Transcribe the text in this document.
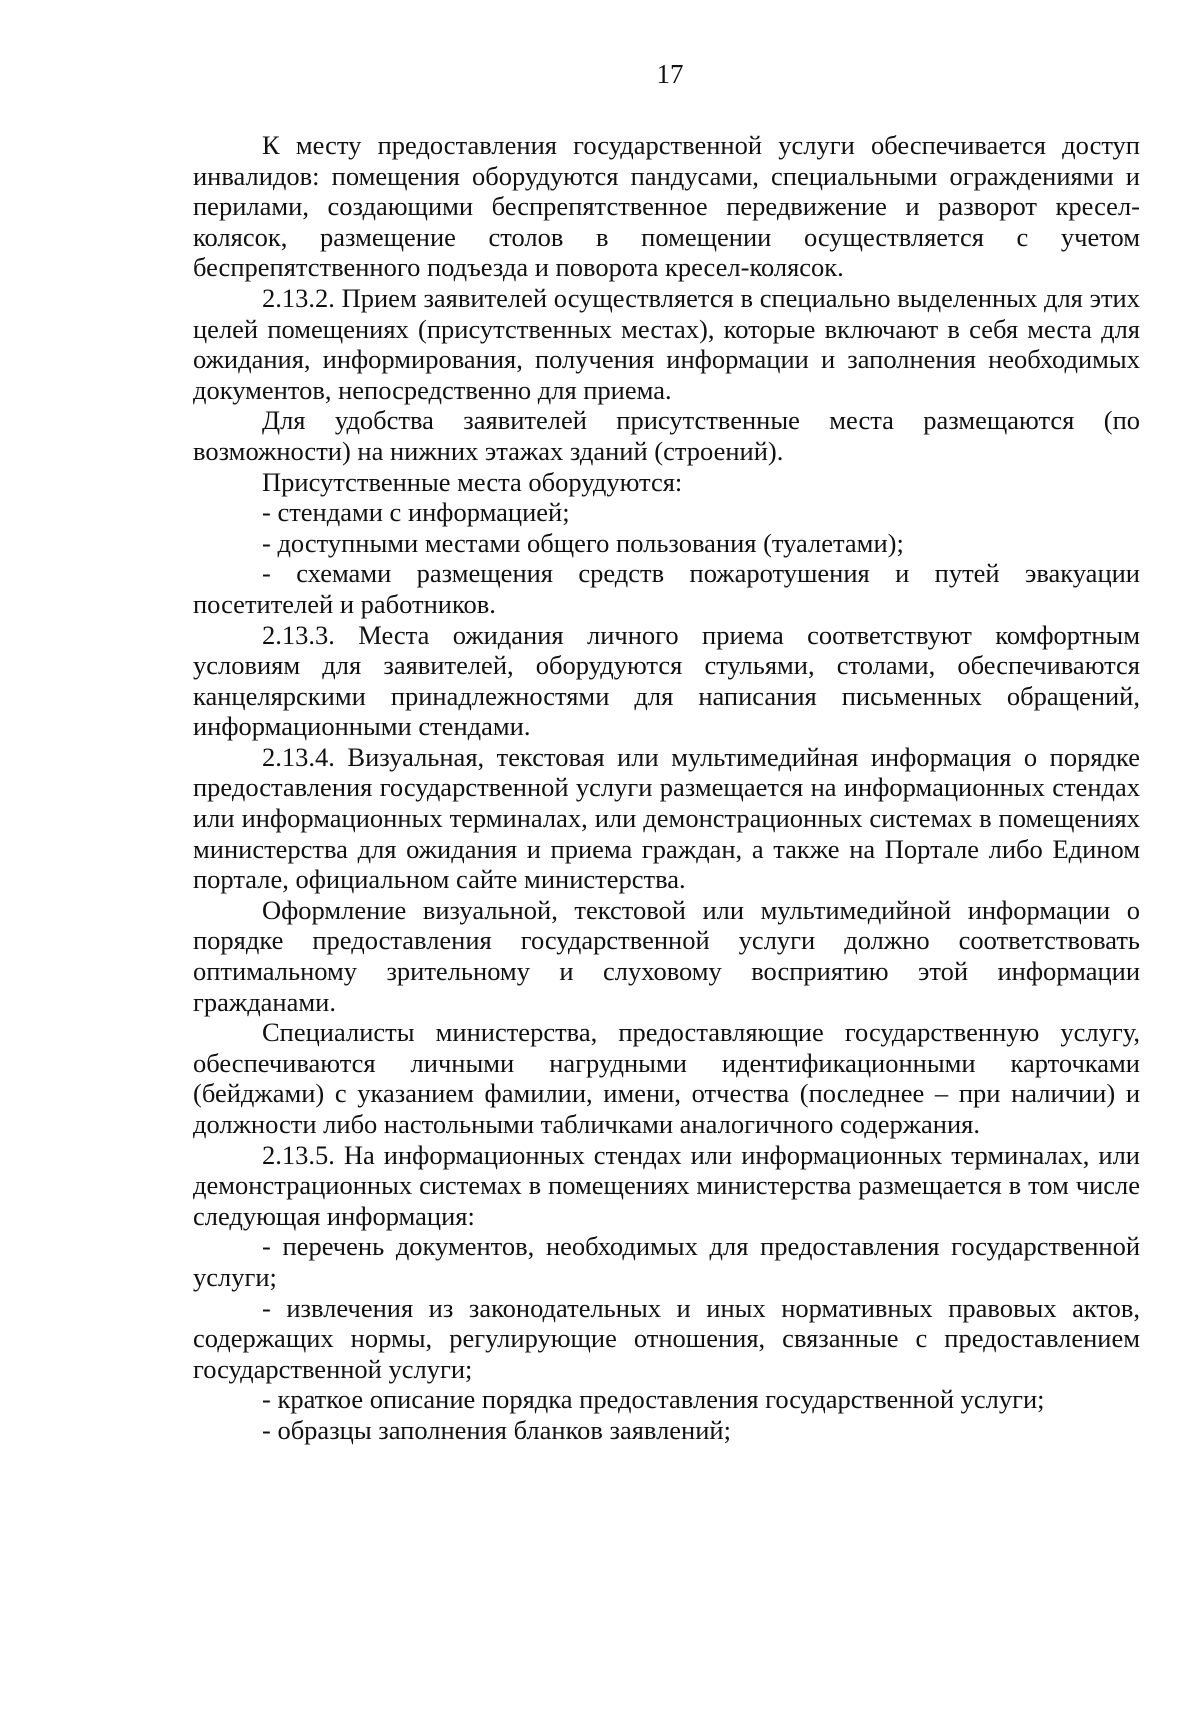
17

К месту предоставления государственной услуги обеспечивается доступ инвалидов: помещения оборудуются пандусами, специальными ограждениями и перилами, создающими беспрепятственное передвижение и разворот кресел-колясок, размещение столов в помещении осуществляется с учетом беспрепятственного подъезда и поворота кресел-колясок.

2.13.2. Прием заявителей осуществляется в специально выделенных для этих целей помещениях (присутственных местах), которые включают в себя места для ожидания, информирования, получения информации и заполнения необходимых документов, непосредственно для приема.

Для удобства заявителей присутственные места размещаются (по возможности) на нижних этажах зданий (строений).

Присутственные места оборудуются:

- стендами с информацией;

- доступными местами общего пользования (туалетами);

- схемами размещения средств пожаротушения и путей эвакуации посетителей и работников.

2.13.3. Места ожидания личного приема соответствуют комфортным условиям для заявителей, оборудуются стульями, столами, обеспечиваются канцелярскими принадлежностями для написания письменных обращений, информационными стендами.

2.13.4. Визуальная, текстовая или мультимедийная информация о порядке предоставления государственной услуги размещается на информационных стендах или информационных терминалах, или демонстрационных системах в помещениях министерства для ожидания и приема граждан, а также на Портале либо Едином портале, официальном сайте министерства.

Оформление визуальной, текстовой или мультимедийной информации о порядке предоставления государственной услуги должно соответствовать оптимальному зрительному и слуховому восприятию этой информации гражданами.

Специалисты министерства, предоставляющие государственную услугу, обеспечиваются личными нагрудными идентификационными карточками (бейджами) с указанием фамилии, имени, отчества (последнее – при наличии) и должности либо настольными табличками аналогичного содержания.

2.13.5. На информационных стендах или информационных терминалах, или демонстрационных системах в помещениях министерства размещается в том числе следующая информация:

- перечень документов, необходимых для предоставления государственной услуги;

- извлечения из законодательных и иных нормативных правовых актов, содержащих нормы, регулирующие отношения, связанные с предоставлением государственной услуги;

- краткое описание порядка предоставления государственной услуги;

- образцы заполнения бланков заявлений;
